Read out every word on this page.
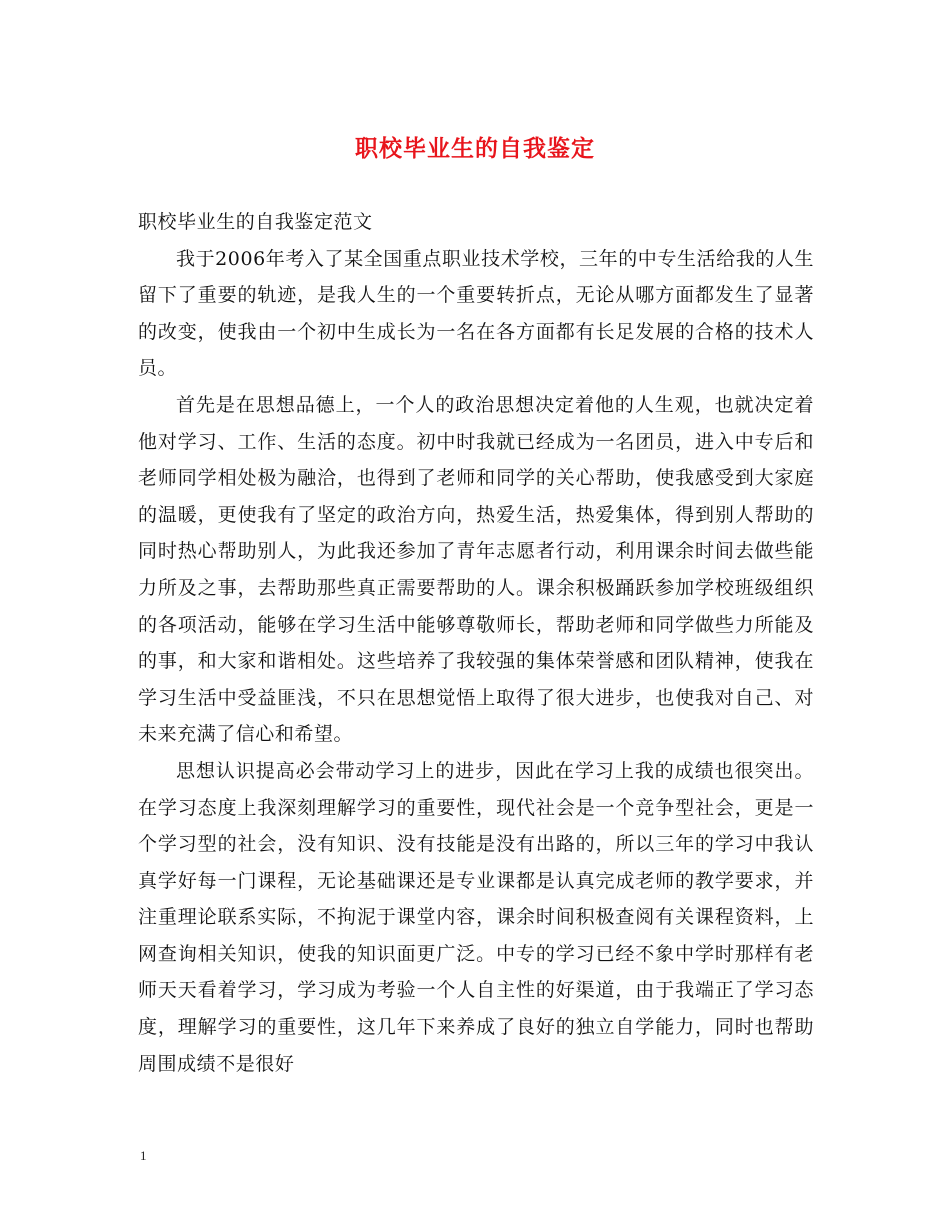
职校毕业生的自我鉴定

职校毕业生的自我鉴定范文

我于2006年考入了某全国重点职业技术学校，三年的中专生活给我的人生留下了重要的轨迹，是我人生的一个重要转折点，无论从哪方面都发生了显著的改变，使我由一个初中生成长为一名在各方面都有长足发展的合格的技术人员。

首先是在思想品德上，一个人的政治思想决定着他的人生观，也就决定着他对学习、工作、生活的态度。初中时我就已经成为一名团员，进入中专后和老师同学相处极为融洽，也得到了老师和同学的关心帮助，使我感受到大家庭的温暖，更使我有了坚定的政治方向，热爱生活，热爱集体，得到别人帮助的同时热心帮助别人，为此我还参加了青年志愿者行动，利用课余时间去做些能力所及之事，去帮助那些真正需要帮助的人。课余积极踊跃参加学校班级组织的各项活动，能够在学习生活中能够尊敬师长，帮助老师和同学做些力所能及的事，和大家和谐相处。这些培养了我较强的集体荣誉感和团队精神，使我在学习生活中受益匪浅，不只在思想觉悟上取得了很大进步，也使我对自己、对未来充满了信心和希望。

思想认识提高必会带动学习上的进步，因此在学习上我的成绩也很突出。在学习态度上我深刻理解学习的重要性，现代社会是一个竞争型社会，更是一个学习型的社会，没有知识、没有技能是没有出路的，所以三年的学习中我认真学好每一门课程，无论基础课还是专业课都是认真完成老师的教学要求，并注重理论联系实际，不拘泥于课堂内容，课余时间积极查阅有关课程资料，上网查询相关知识，使我的知识面更广泛。中专的学习已经不象中学时那样有老师天天看着学习，学习成为考验一个人自主性的好渠道，由于我端正了学习态度，理解学习的重要性，这几年下来养成了良好的独立自学能力，同时也帮助周围成绩不是很好

1
